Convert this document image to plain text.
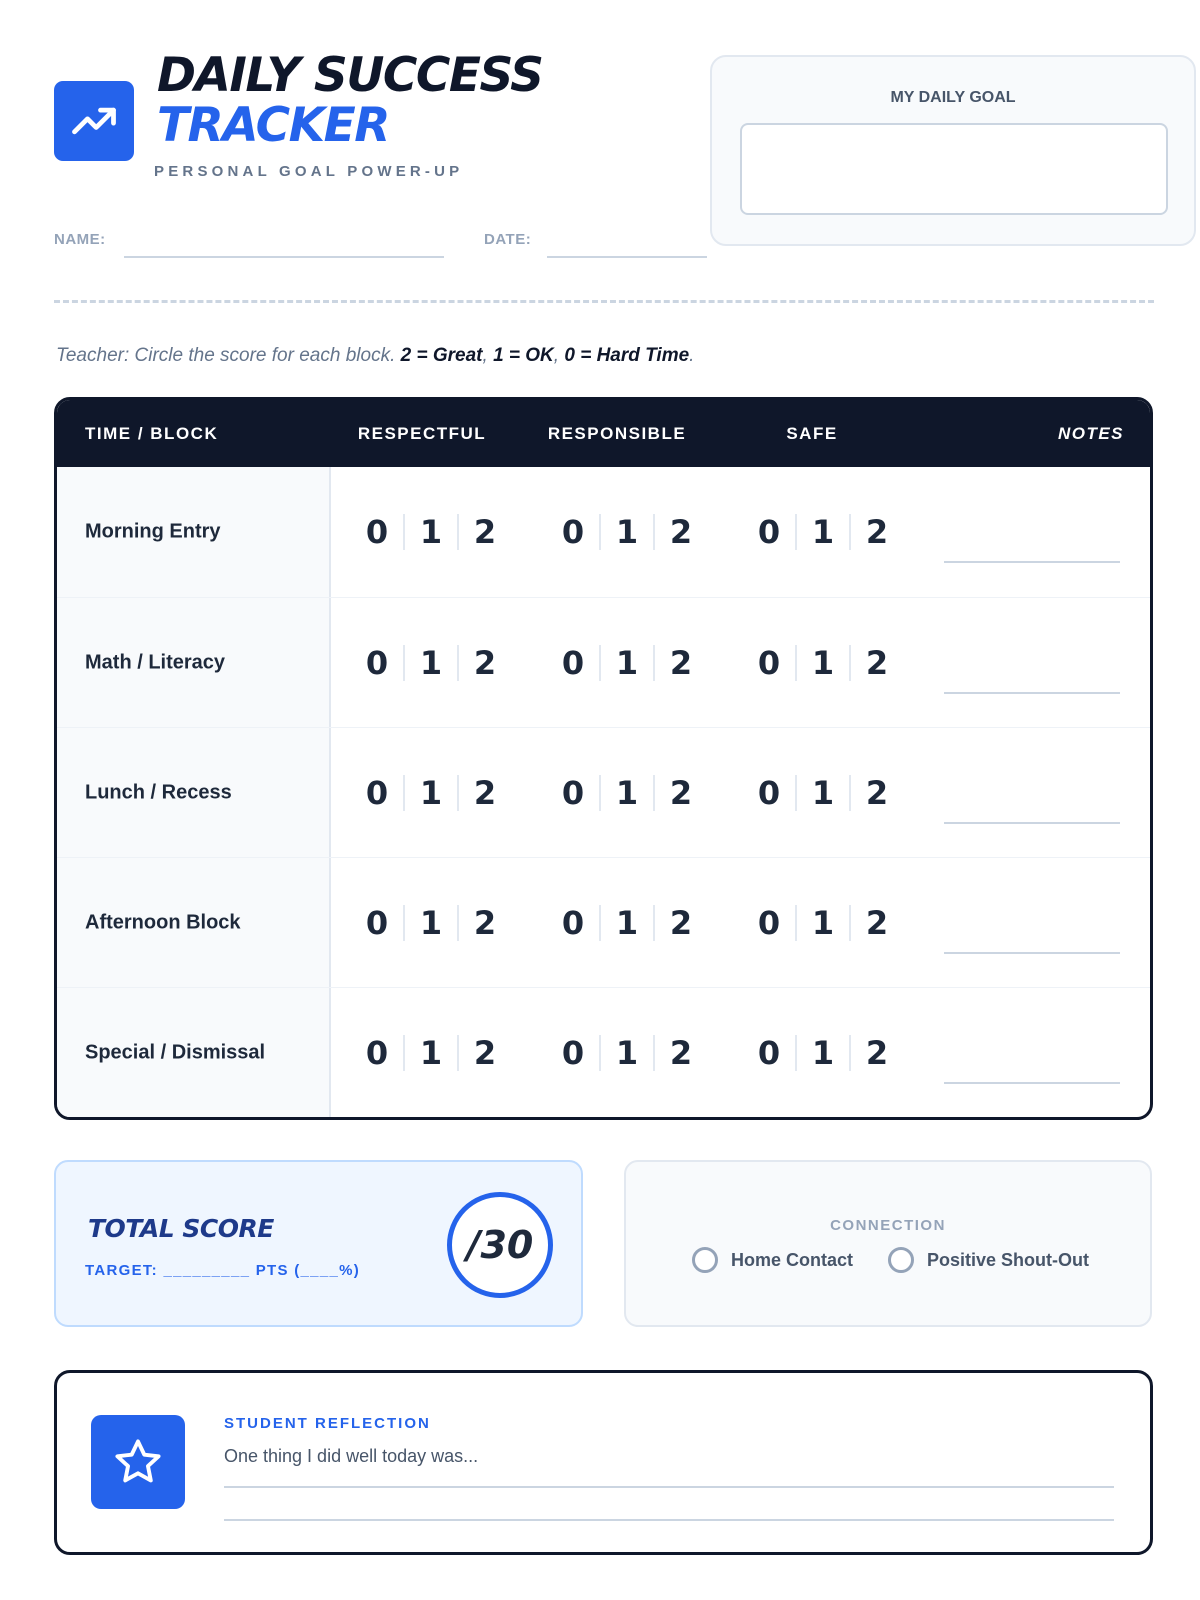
DAILY SUCCESS
TRACKER
PERSONAL GOAL POWER-UP
NAME:	DATE:
MY DAILY GOAL
Teacher: Circle the score for each block. 2 = Great, 1 = OK, 0 = Hard Time.
TIME / BLOCK	RESPECTFUL	RESPONSIBLE	SAFE	NOTES
Morning Entry	0 1 2	0 1 2	0 1 2
Math / Literacy	0 1 2	0 1 2	0 1 2
Lunch / Recess	0 1 2	0 1 2	0 1 2
Afternoon Block	0 1 2	0 1 2	0 1 2
Special / Dismissal	0 1 2	0 1 2	0 1 2
TOTAL SCORE
TARGET: _________ PTS (____%)
/30	CONNECTION
Home Contact	Positive Shout-Out
STUDENT REFLECTION
One thing I did well today was...
